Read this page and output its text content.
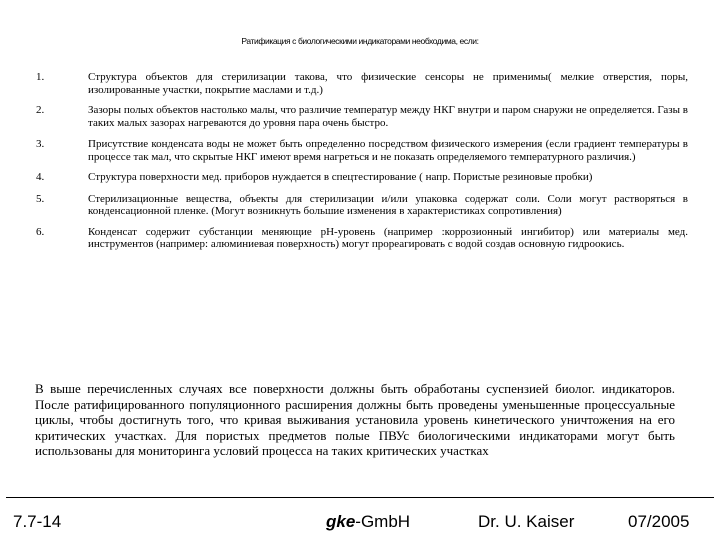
Ратификация с биологическими индикаторами необходима, если:
1.	Структура объектов для стерилизации такова, что физические сенсоры не применимы( мелкие отверстия, поры, изолированные участки, покрытие маслами и т.д.)
2.	Зазоры полых объектов настолько малы, что различие температур между НКГ внутри и паром снаружи не определяется. Газы в таких малых зазорах нагреваются до уровня пара очень быстро.
3.	Присутствие конденсата воды не может быть определенно посредством физического измерения (если градиент температуры в процессе так мал, что скрытые НКГ имеют время нагреться и не показать определяемого температурного различия.)
4.	Структура поверхности мед. приборов нуждается в спецтестирование ( напр. Пористые резиновые пробки)
5.	Стерилизационные вещества, объекты для стерилизации и/или упаковка содержат соли. Соли могут растворяться в конденсационной пленке. (Могут возникнуть большие изменения в характеристиках сопротивления)
6.	Конденсат содержит субстанции меняющие pH-уровень (например :коррозионный ингибитор) или материалы мед. инструментов (например: алюминиевая поверхность) могут прореагировать с водой создав основную гидроокись.
В выше перечисленных случаях все поверхности должны быть обработаны суспензией биолог. индикаторов. После ратифицированного популяционного расширения должны быть проведены уменьшенные процессуальные циклы, чтобы достигнуть того, что кривая выживания установила уровень кинетического уничтожения на его критических участках. Для пористых предметов полые ПВУс биологическими индикаторами могут быть использованы для мониторинга условий процесса на таких критических участках
7.7-14	gke-GmbH	Dr. U. Kaiser	07/2005
